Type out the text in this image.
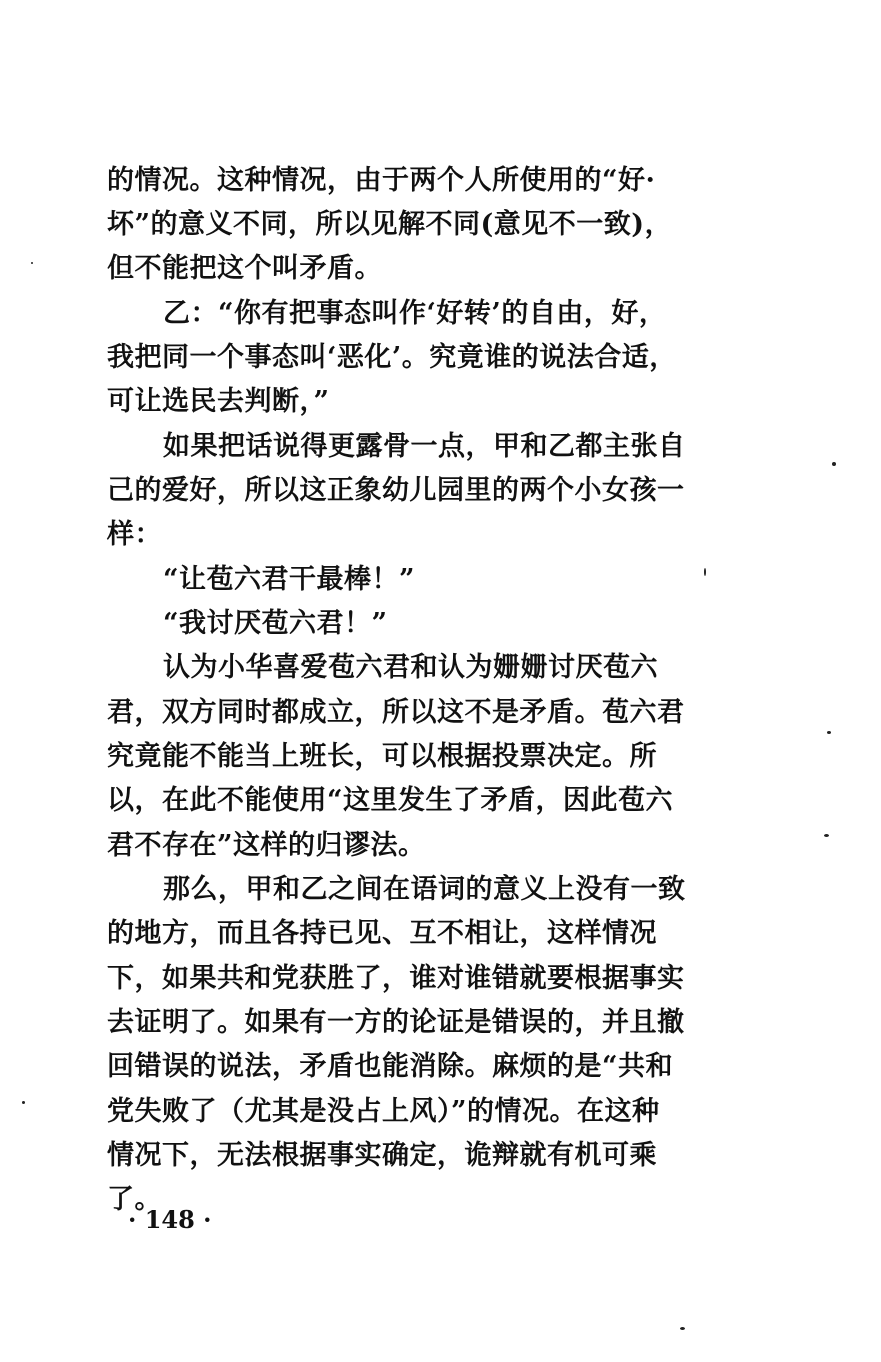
的情况。这种情况，由于两个人所使用的“好·
坏”的意义不同，所以见解不同(意见不一致)，
但不能把这个叫矛盾。
乙：“你有把事态叫作‘好转’的自由，好，
我把同一个事态叫‘恶化’。究竟谁的说法合适，
可让选民去判断，”
如果把话说得更露骨一点，甲和乙都主张自
己的爱好，所以这正象幼儿园里的两个小女孩一
样：
“让苞六君干最棒！”
“我讨厌苞六君！”
认为小华喜爱苞六君和认为姗姗讨厌苞六
君，双方同时都成立，所以这不是矛盾。苞六君
究竟能不能当上班长，可以根据投票决定。所
以，在此不能使用“这里发生了矛盾，因此苞六
君不存在”这样的归谬法。
那么，甲和乙之间在语词的意义上没有一致
的地方，而且各持已见、互不相让，这样情况
下，如果共和党获胜了，谁对谁错就要根据事实
去证明了。如果有一方的论证是错误的，并且撤
回错误的说法，矛盾也能消除。麻烦的是“共和
党失败了（尤其是没占上风）”的情况。在这种
情况下，无法根据事实确定，诡辩就有机可乘
了。
· 148 ·
